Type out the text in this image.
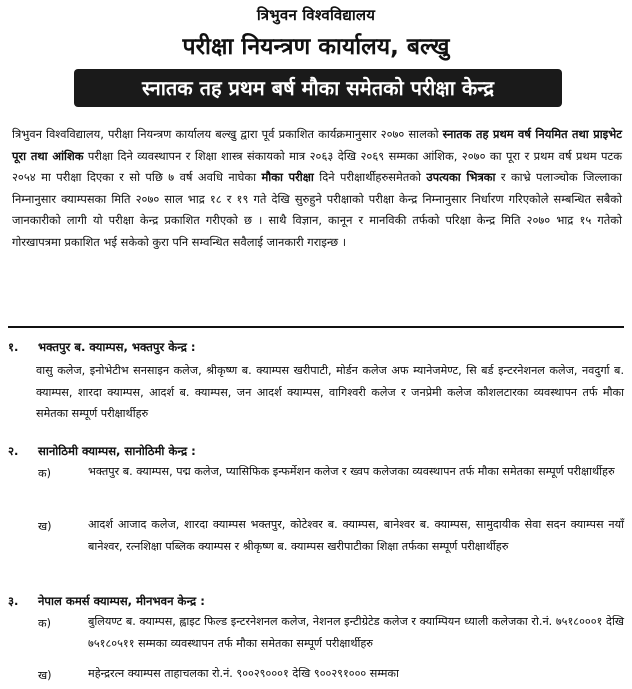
त्रिभुवन विश्वविद्यालय
परीक्षा नियन्त्रण कार्यालय, बल्खु
स्नातक तह प्रथम बर्ष मौका समेतको परीक्षा केन्द्र
त्रिभुवन विश्वविद्यालय, परीक्षा नियन्त्रण कार्यालय बल्खु द्वारा पूर्व प्रकाशित कार्यक्रमानुसार २०७० सालको स्नातक तह प्रथम वर्ष नियमित तथा प्राइभेट पूरा तथा आंशिक परीक्षा दिने व्यवस्थापन र शिक्षा शास्त्र संकायको मात्र २०६३ देखि २०६९ सम्मका आंशिक, २०७० का पूरा र प्रथम वर्ष प्रथम पटक २०५४ मा परीक्षा दिएका र सो पछि ७ वर्ष अवधि नाघेका मौका परीक्षा दिने परीक्षार्थीहरुसमेतको उपत्यका भित्रका र काभ्रे पलाञ्चोक जिल्लाका निम्नानुसार क्याम्पसका मिति २०७० साल भाद्र १८ र १९ गते देखि सुरुहुने परीक्षाको परीक्षा केन्द्र निम्नानुसार निर्धारण गरिएकोले सम्बन्धित सबैको जानकारीको लागी यो परीक्षा केन्द्र प्रकाशित गरीएको छ । साथै विज्ञान, कानून र मानविकी तर्फको परिक्षा केन्द्र मिति २०७० भाद्र १५ गतेको गोरखापत्रमा प्रकाशित भई सकेको कुरा पनि सम्वन्धित सवैलाई जानकारी गराइन्छ ।
१. भक्तपुर ब. क्याम्पस, भक्तपुर केन्द्र :
वासु कलेज, इनोभेटीभ सनसाइन कलेज, श्रीकृष्ण ब. क्याम्पस खरीपाटी, मोर्डन कलेज अफ म्यानेजमेण्ट, सि बर्ड इन्टरनेशनल कलेज, नवदुर्गा ब. क्याम्पस, शारदा क्याम्पस, आदर्श ब. क्याम्पस, जन आदर्श क्याम्पस, वागिश्वरी कलेज र जनप्रेमी कलेज कौशलटारका व्यवस्थापन तर्फ मौका समेतका सम्पूर्ण परीक्षार्थीहरु
२. सानोठिमी क्याम्पस, सानोठिमी केन्द्र :
क)	भक्तपुर ब. क्याम्पस, पद्म कलेज, प्यासिफिक इन्फर्मेशन कलेज र ख्वप कलेजका व्यवस्थापन तर्फ मौका समेतका सम्पूर्ण परीक्षार्थीहरु
ख)	आदर्श आजाद कलेज, शारदा क्याम्पस भक्तपुर, कोटेश्वर ब. क्याम्पस, बानेश्वर ब. क्याम्पस, सामुदायीक सेवा सदन क्याम्पस नयाँ बानेश्वर, रत्नशिक्षा पब्लिक क्याम्पस र श्रीकृष्ण ब. क्याम्पस खरीपाटीका शिक्षा तर्फका सम्पूर्ण परीक्षार्थीहरु
३. नेपाल कमर्स क्याम्पस, मीनभवन केन्द्र :
क)	बुलियण्ट ब. क्याम्पस, ह्वाइट फिल्ड इन्टरनेशनल कलेज, नेशनल इन्टीग्रेटेड कलेज र क्याम्पियन ध्याली कलेजका रो.नं. ७५१८०००१ देखि ७५१८०५११ सम्मका व्यवस्थापन तर्फ मौका समेतका सम्पूर्ण परीक्षार्थीहरु
ख)	महेन्द्ररत्न क्याम्पस ताहाचलका रो.नं. ९००२९०००१ देखि ९००२९१००० सम्मका
